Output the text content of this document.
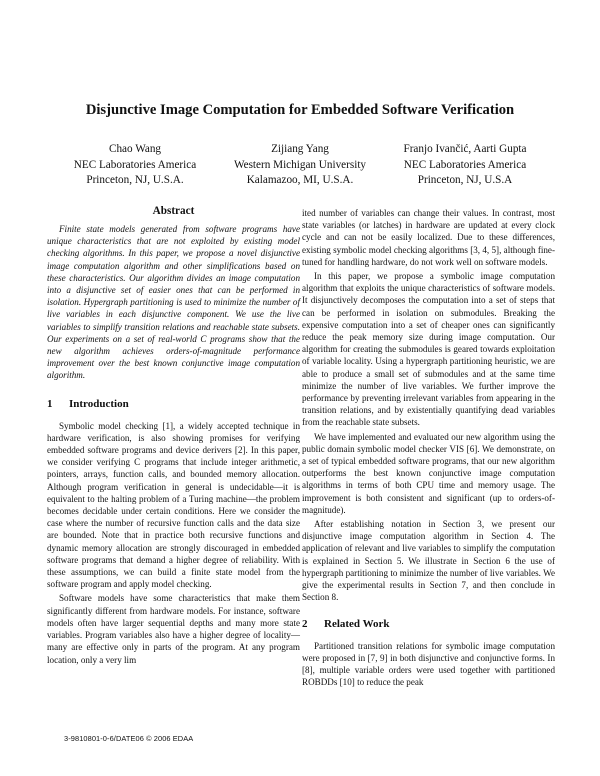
Disjunctive Image Computation for Embedded Software Verification
Chao Wang
NEC Laboratories America
Princeton, NJ, U.S.A.
Zijiang Yang
Western Michigan University
Kalamazoo, MI, U.S.A.
Franjo Ivančić, Aarti Gupta
NEC Laboratories America
Princeton, NJ, U.S.A
Abstract

Finite state models generated from software programs have unique characteristics that are not exploited by existing model checking algorithms. In this paper, we propose a novel disjunctive image computation algorithm and other simplifications based on these characteristics. Our algorithm divides an image computation into a disjunctive set of easier ones that can be performed in isolation. Hypergraph partitioning is used to minimize the number of live variables in each disjunctive component. We use the live variables to simplify transition relations and reachable state subsets. Our experiments on a set of real-world C programs show that the new algorithm achieves orders-of-magnitude performance improvement over the best known conjunctive image computation algorithm.

1 Introduction

Symbolic model checking [1], a widely accepted technique in hardware verification, is also showing promises for verifying embedded software programs and device derivers [2]. In this paper, we consider verifying C programs that include integer arithmetic, pointers, arrays, function calls, and bounded memory allocation. Although program verification in general is undecidable—it is equivalent to the halting problem of a Turing machine—the problem becomes decidable under certain conditions. Here we consider the case where the number of recursive function calls and the data size are bounded. Note that in practice both recursive functions and dynamic memory allocation are strongly discouraged in embedded software programs that demand a higher degree of reliability. With these assumptions, we can build a finite state model from the software program and apply model checking.

Software models have some characteristics that make them significantly different from hardware models. For instance, software models often have larger sequential depths and many more state variables. Program variables also have a higher degree of locality—many are effective only in parts of the program. At any program location, only a very lim

ited number of variables can change their values. In contrast, most state variables (or latches) in hardware are updated at every clock cycle and can not be easily localized. Due to these differences, existing symbolic model checking algorithms [3, 4, 5], although fine-tuned for handling hardware, do not work well on software models.

In this paper, we propose a symbolic image computation algorithm that exploits the unique characteristics of software models. It disjunctively decomposes the computation into a set of steps that can be performed in isolation on submodules. Breaking the expensive computation into a set of cheaper ones can significantly reduce the peak memory size during image computation. Our algorithm for creating the submodules is geared towards exploitation of variable locality. Using a hypergraph partitioning heuristic, we are able to produce a small set of submodules and at the same time minimize the number of live variables. We further improve the performance by preventing irrelevant variables from appearing in the transition relations, and by existentially quantifying dead variables from the reachable state subsets.

We have implemented and evaluated our new algorithm using the public domain symbolic model checker VIS [6]. We demonstrate, on a set of typical embedded software programs, that our new algorithm outperforms the best known conjunctive image computation algorithms in terms of both CPU time and memory usage. The improvement is both consistent and significant (up to orders-of-magnitude).

After establishing notation in Section 3, we present our disjunctive image computation algorithm in Section 4. The application of relevant and live variables to simplify the computation is explained in Section 5. We illustrate in Section 6 the use of hypergraph partitioning to minimize the number of live variables. We give the experimental results in Section 7, and then conclude in Section 8.

2 Related Work

Partitioned transition relations for symbolic image computation were proposed in [7, 9] in both disjunctive and conjunctive forms. In [8], multiple variable orders were used together with partitioned ROBDDs [10] to reduce the peak

3-9810801-0-6/DATE06 © 2006 EDAA
